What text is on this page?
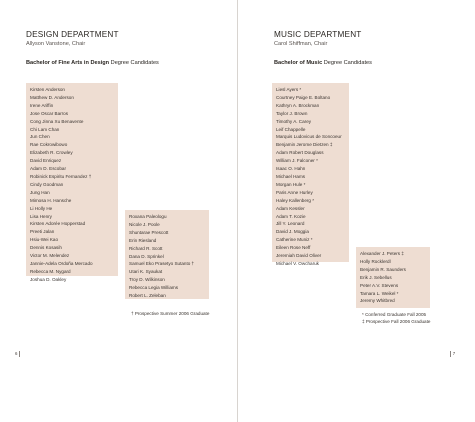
DESIGN DEPARTMENT
Allyson Vanstone, Chair
Bachelor of Fine Arts in Design Degree Candidates
Kirsten Anderson
Matthew D. Anderson
Irene Ariffin
Jose Oscar Barros
Cong Jinna Xu Benavente
Chi Lam Chan
Jun Chen
Rae Cokrowibowo
Elizabeth R. Crowley
David Enriquez
Adam D. Escobar
Robinick Espiritu Fernandez †
Cindy Goodman
Jung Han
Mimosa H. Hansche
Li Holly He
Lisa Henry
Kirsten Adorée Hopperstad
Preeti Jalan
Hsiu-Wei Kao
Dennis Kosasih
Victor M. Melendez
Jannie-Adela Ordoña Mercado
Rebecca M. Nygard
Joshua D. Oakley
Roxana Paleologu
Nicole J. Poole
Shuntarae Prescott
Erin Riesland
Richard R. Scott
Dana D. Sprinkel
Samuel Eko Prasetyo Sutanto †
Utari K. Syaukat
Troy D. Wilkinson
Rebecca Legia Williams
Robert L. Zeleban
† Prospective Summer 2006 Graduate
6
MUSIC DEPARTMENT
Carol Shiffman, Chair
Bachelor of Music Degree Candidates
Liesl Ayers *
Courtney Paige E. Boltano
Kathryn A. Brockman
Taylor J. Brown
Timothy A. Carey
Leif Chappelle
Marquis Ludovicus de Soncoeur
Benjamin Jerome Dietzen ‡
Adam Robert Douglass
William J. Falconer *
Isaac O. Hahn
Michael Hams
Morgan Hule *
Paris Anne Hurley
Haley Kallenberg *
Adam Kessler
Adam T. Kozie
Jill Y. Leonard
David J. Moggia
Catherine Muniz *
Eileen Rose Neff
Jeremiah David Oliver
Michael V. Owcharuk
Alexander J. Peters ‡
Holly Rocklerdl
Benjamin R. Saunders
Erik J. Sebellus
Peter A.V. Stevens
Tamara L. Weikel *
Jeremy Whitbred
* Conferred Graduate Fall 2005
‡ Prospective Fall 2006 Graduate
7
